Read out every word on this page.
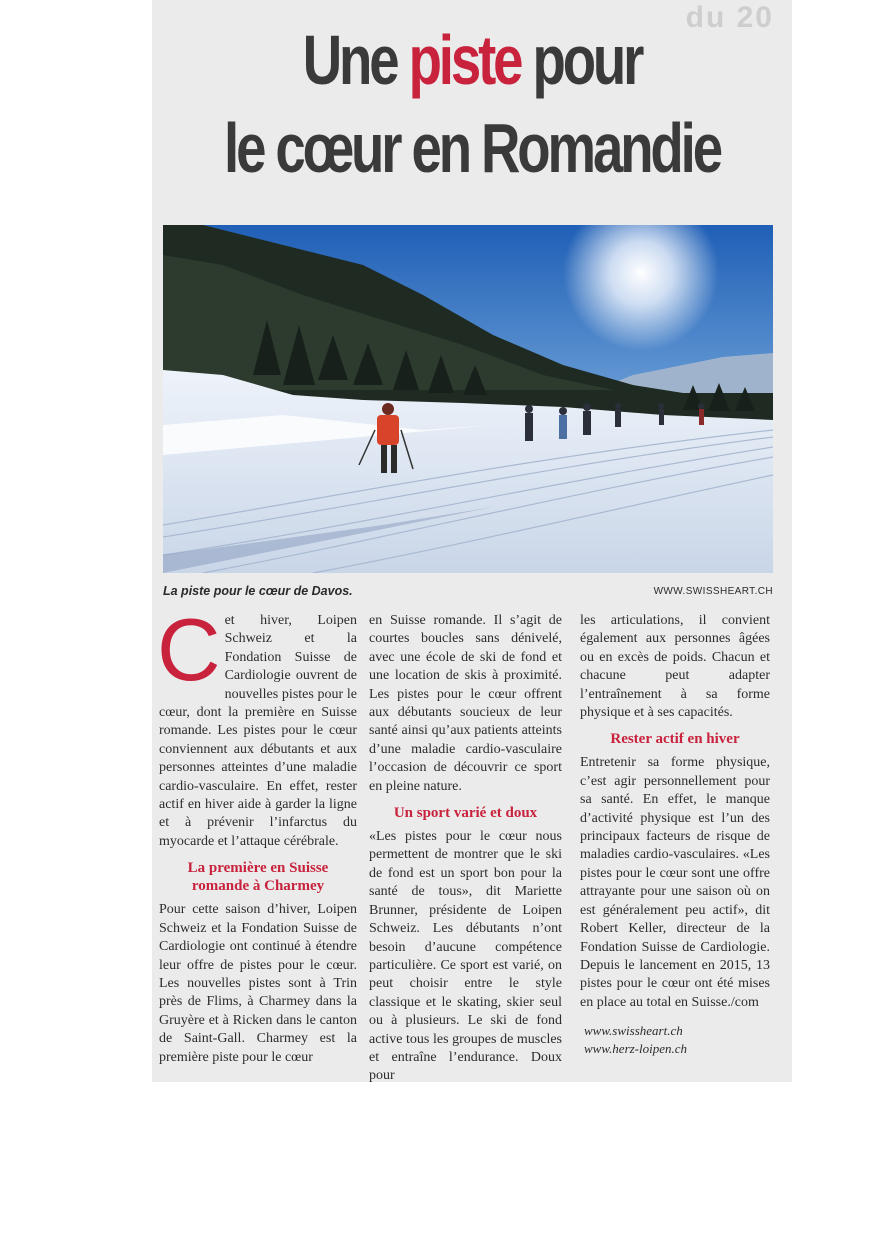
du 20
Une piste pour
le cœur en Romandie
La piste pour le cœur de Davos.	WWW.SWISSHEART.CH

Cet hiver, Loipen Schweiz et la Fondation Suisse de Cardiologie ouvrent de nouvelles pistes pour le cœur, dont la première en Suisse romande. Les pistes pour le cœur conviennent aux débutants et aux personnes atteintes d’une maladie cardio-vasculaire. En effet, rester actif en hiver aide à garder la ligne et à prévenir l’infarctus du myocarde et l’attaque cérébrale.

La première en Suisse romande à Charmey

Pour cette saison d’hiver, Loipen Schweiz et la Fondation Suisse de Cardiologie ont continué à étendre leur offre de pistes pour le cœur. Les nouvelles pistes sont à Trin près de Flims, à Charmey dans la Gruyère et à Ricken dans le canton de Saint-Gall. Charmey est la première piste pour le cœur

en Suisse romande. Il s’agit de courtes boucles sans dénivelé, avec une école de ski de fond et une location de skis à proximité. Les pistes pour le cœur offrent aux débutants soucieux de leur santé ainsi qu’aux patients atteints d’une maladie cardio-vasculaire l’occasion de découvrir ce sport en pleine nature.

Un sport varié et doux

«Les pistes pour le cœur nous permettent de montrer que le ski de fond est un sport bon pour la santé de tous», dit Mariette Brunner, présidente de Loipen Schweiz. Les débutants n’ont besoin d’aucune compétence particulière. Ce sport est varié, on peut choisir entre le style classique et le skating, skier seul ou à plusieurs. Le ski de fond active tous les groupes de muscles et entraîne l’endurance. Doux pour

les articulations, il convient également aux personnes âgées ou en excès de poids. Chacun et chacune peut adapter l’entraînement à sa forme physique et à ses capacités.

Rester actif en hiver

Entretenir sa forme physique, c’est agir personnellement pour sa santé. En effet, le manque d’activité physique est l’un des principaux facteurs de risque de maladies cardio-vasculaires. «Les pistes pour le cœur sont une offre attrayante pour une saison où on est généralement peu actif», dit Robert Keller, directeur de la Fondation Suisse de Cardiologie. Depuis le lancement en 2015, 13 pistes pour le cœur ont été mises en place au total en Suisse./com

www.swissheart.ch
www.herz-loipen.ch
